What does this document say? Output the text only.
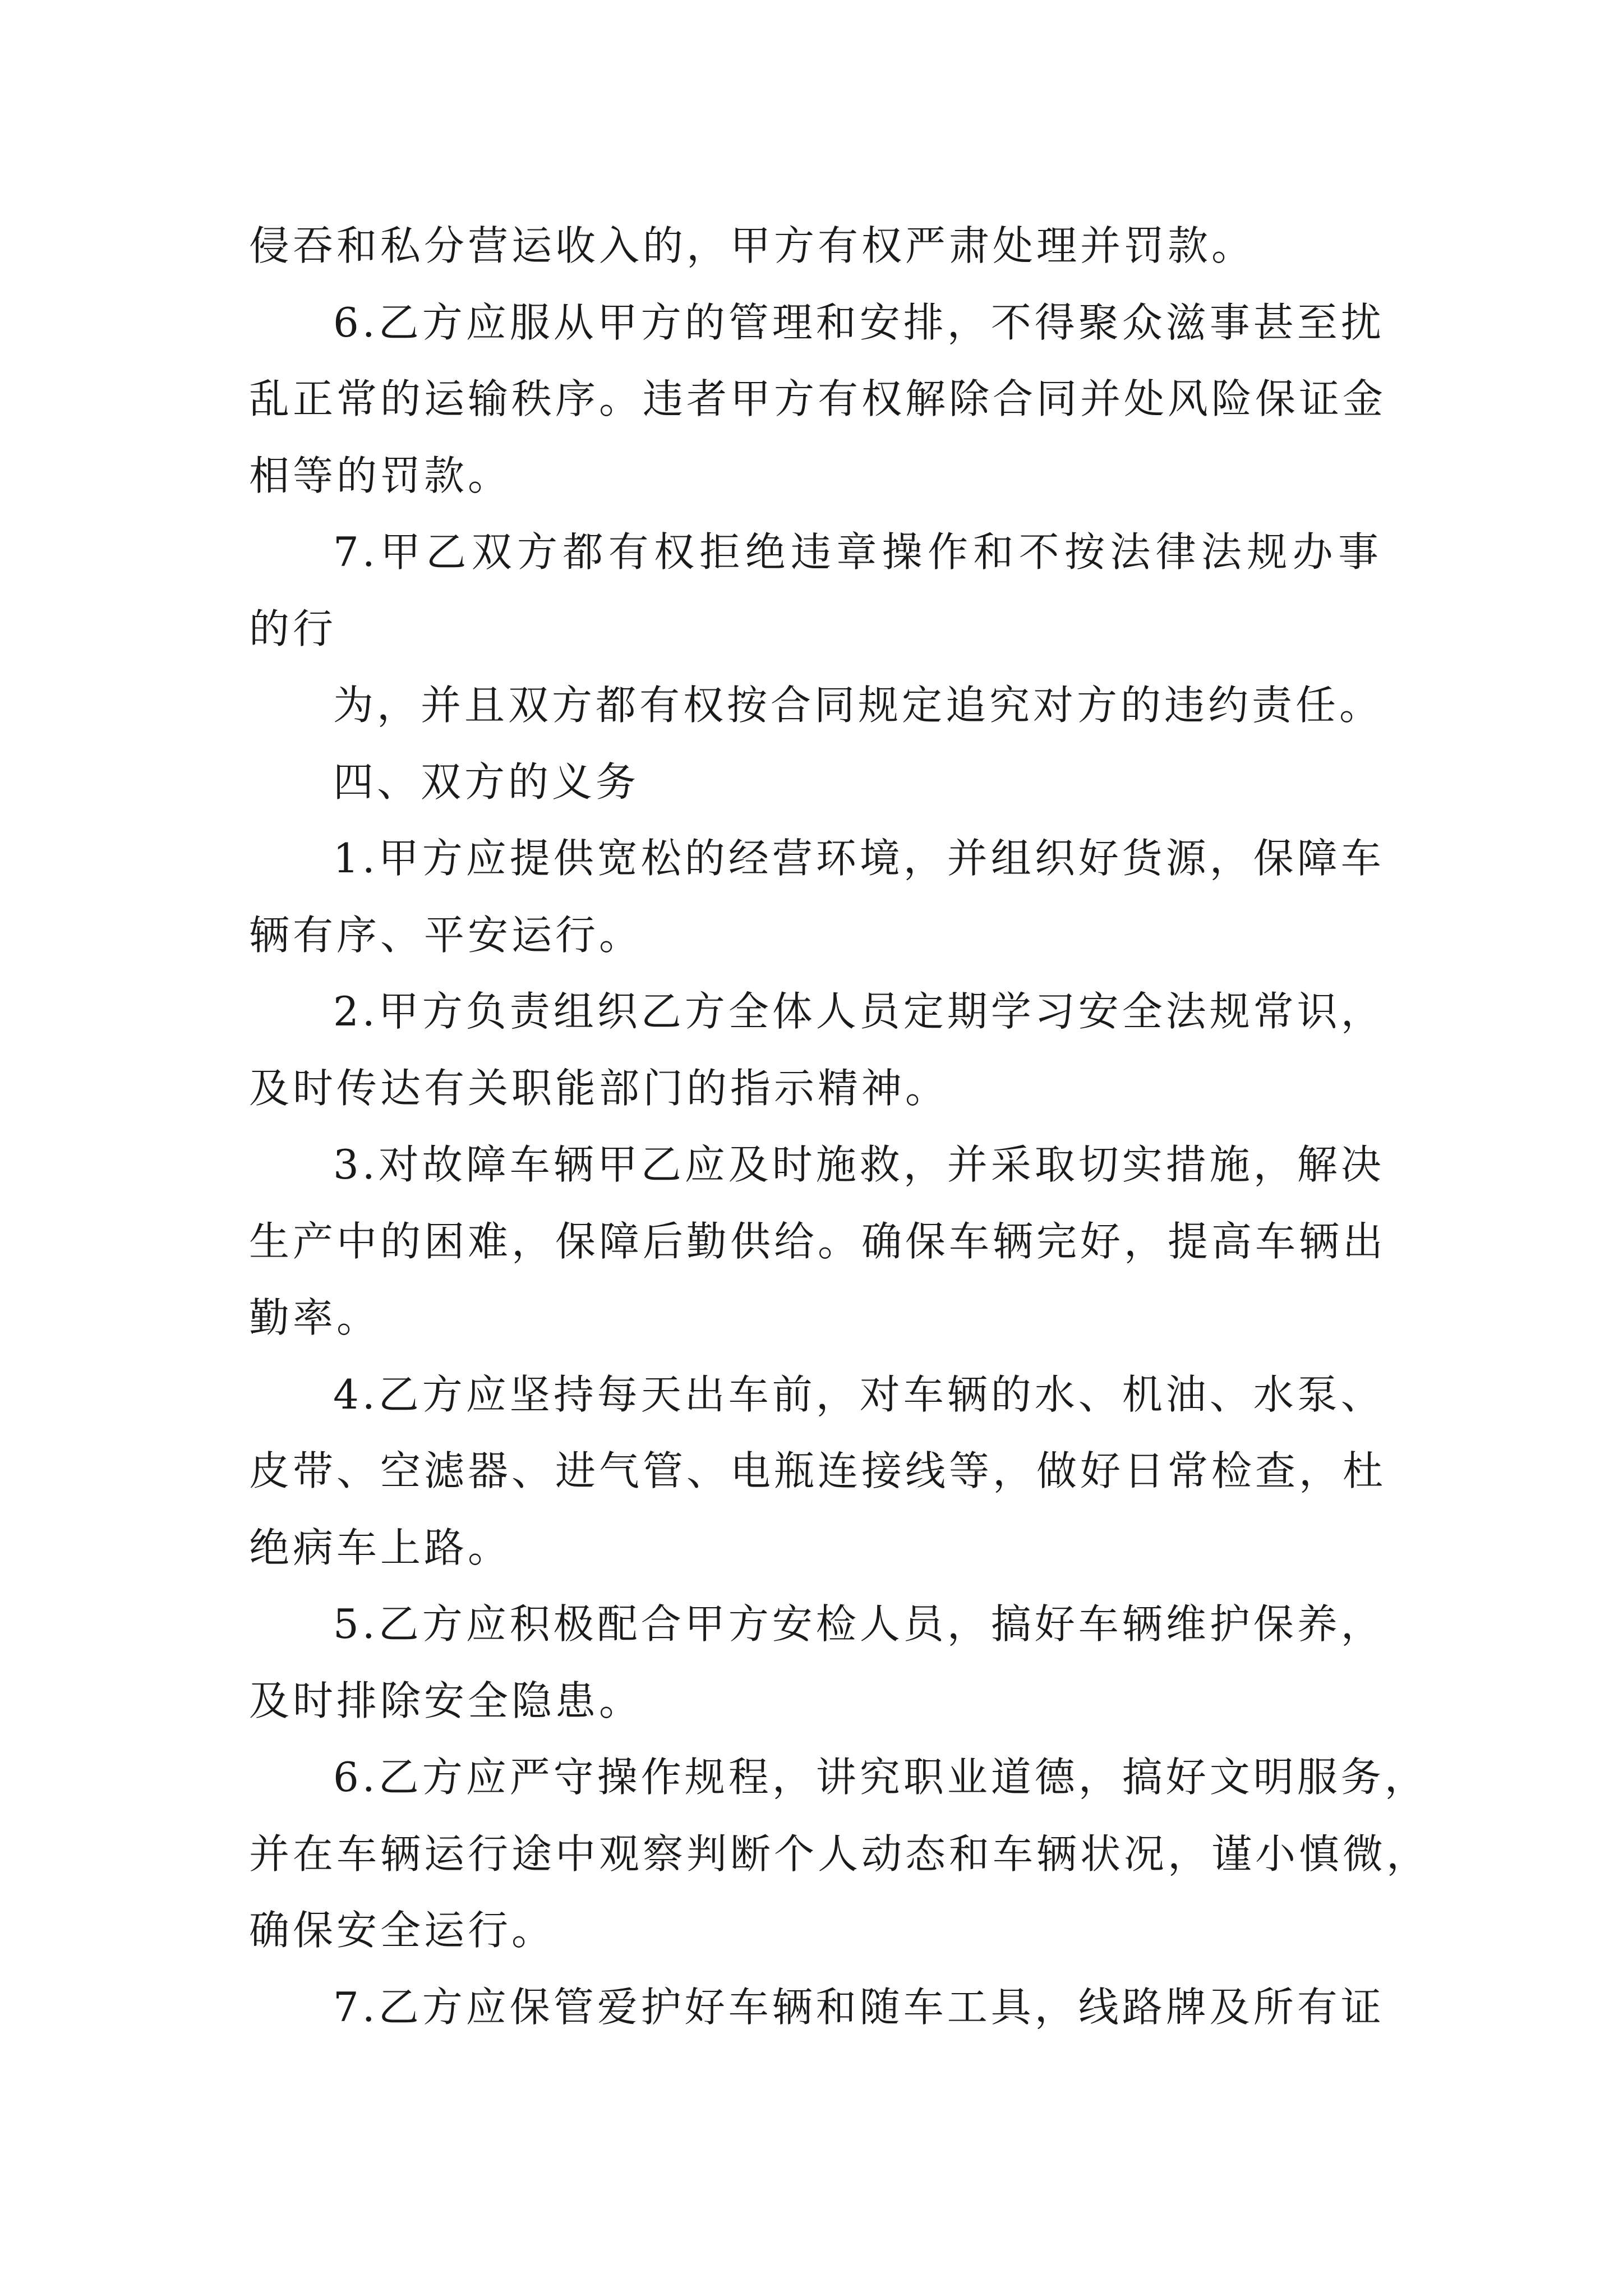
侵吞和私分营运收入的，甲方有权严肃处理并罚款。
6.乙方应服从甲方的管理和安排，不得聚众滋事甚至扰
乱正常的运输秩序。违者甲方有权解除合同并处风险保证金
相等的罚款。
7.甲乙双方都有权拒绝违章操作和不按法律法规办事
的行
为，并且双方都有权按合同规定追究对方的违约责任。
四、双方的义务
1.甲方应提供宽松的经营环境，并组织好货源，保障车
辆有序、平安运行。
2.甲方负责组织乙方全体人员定期学习安全法规常识，
及时传达有关职能部门的指示精神。
3.对故障车辆甲乙应及时施救，并采取切实措施，解决
生产中的困难，保障后勤供给。确保车辆完好，提高车辆出
勤率。
4.乙方应坚持每天出车前，对车辆的水、机油、水泵、
皮带、空滤器、进气管、电瓶连接线等，做好日常检查，杜
绝病车上路。
5.乙方应积极配合甲方安检人员，搞好车辆维护保养，
及时排除安全隐患。
6.乙方应严守操作规程，讲究职业道德，搞好文明服务，
并在车辆运行途中观察判断个人动态和车辆状况，谨小慎微，
确保安全运行。
7.乙方应保管爱护好车辆和随车工具，线路牌及所有证
